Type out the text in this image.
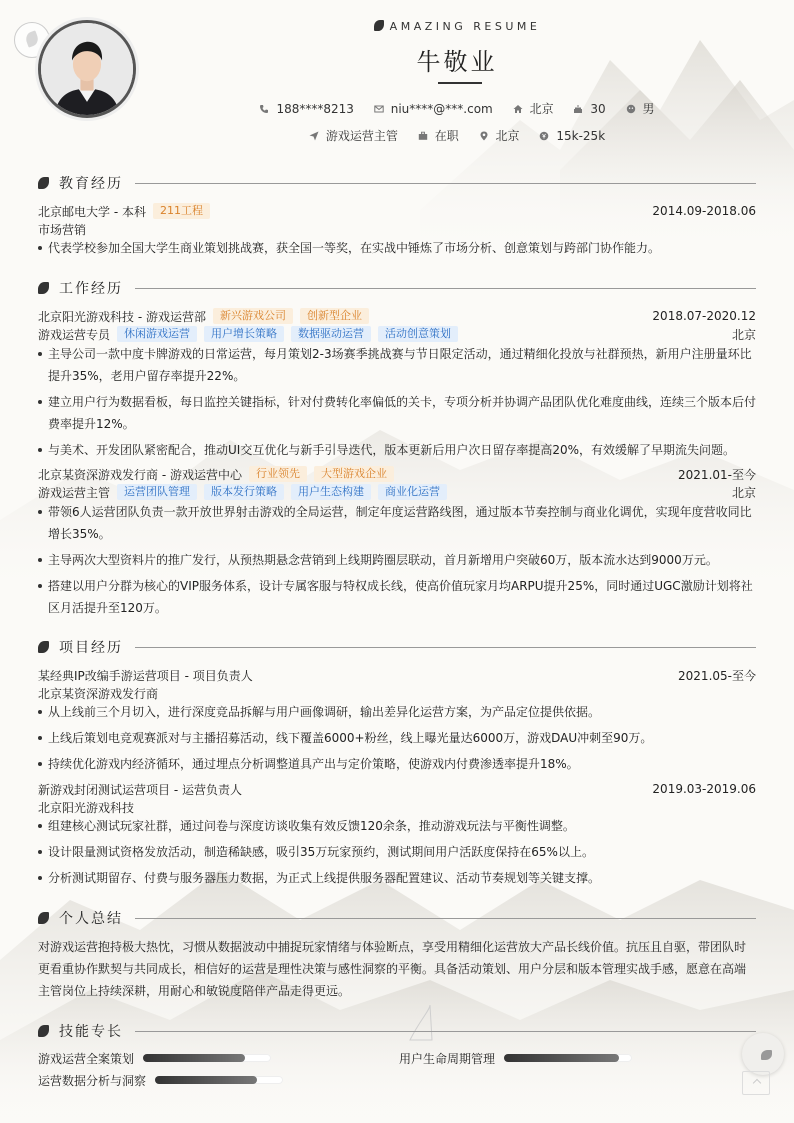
AMAZING RESUME
牛敬业
188****8213	niu****@***.com	北京	30	男
游戏运营主管	在职	北京	15k-25k
教育经历
北京邮电大学 - 本科	211工程	2014.09-2018.06
市场营销
代表学校参加全国大学生商业策划挑战赛，获全国一等奖，在实战中锤炼了市场分析、创意策划与跨部门协作能力。
工作经历
北京阳光游戏科技 - 游戏运营部	新兴游戏公司	创新型企业	2018.07-2020.12
游戏运营专员	休闲游戏运营	用户增长策略	数据驱动运营	活动创意策划	北京
主导公司一款中度卡牌游戏的日常运营，每月策划2-3场赛季挑战赛与节日限定活动，通过精细化投放与社群预热，新用户注册量环比提升35%，老用户留存率提升22%。
建立用户行为数据看板，每日监控关键指标，针对付费转化率偏低的关卡，专项分析并协调产品团队优化难度曲线，连续三个版本后付费率提升12%。
与美术、开发团队紧密配合，推动UI交互优化与新手引导迭代，版本更新后用户次日留存率提高20%，有效缓解了早期流失问题。
北京某资深游戏发行商 - 游戏运营中心	行业领先	大型游戏企业	2021.01-至今
游戏运营主管	运营团队管理	版本发行策略	用户生态构建	商业化运营	北京
带领6人运营团队负责一款开放世界射击游戏的全局运营，制定年度运营路线图，通过版本节奏控制与商业化调优，实现年度营收同比增长35%。
主导两次大型资料片的推广发行，从预热期悬念营销到上线期跨圈层联动，首月新增用户突破60万，版本流水达到9000万元。
搭建以用户分群为核心的VIP服务体系，设计专属客服与特权成长线，使高价值玩家月均ARPU提升25%，同时通过UGC激励计划将社区月活提升至120万。
项目经历
某经典IP改编手游运营项目 - 项目负责人	2021.05-至今
北京某资深游戏发行商
从上线前三个月切入，进行深度竞品拆解与用户画像调研，输出差异化运营方案，为产品定位提供依据。
上线后策划电竞观赛派对与主播招募活动，线下覆盖6000+粉丝，线上曝光量达6000万，游戏DAU冲刺至90万。
持续优化游戏内经济循环，通过埋点分析调整道具产出与定价策略，使游戏内付费渗透率提升18%。
新游戏封闭测试运营项目 - 运营负责人	2019.03-2019.06
北京阳光游戏科技
组建核心测试玩家社群，通过问卷与深度访谈收集有效反馈120余条，推动游戏玩法与平衡性调整。
设计限量测试资格发放活动，制造稀缺感，吸引35万玩家预约，测试期间用户活跃度保持在65%以上。
分析测试期留存、付费与服务器压力数据，为正式上线提供服务器配置建议、活动节奏规划等关键支撑。
个人总结
对游戏运营抱持极大热忱，习惯从数据波动中捕捉玩家情绪与体验断点，享受用精细化运营放大产品长线价值。抗压且自驱，带团队时更看重协作默契与共同成长，相信好的运营是理性决策与感性洞察的平衡。具备活动策划、用户分层和版本管理实战手感，愿意在高端主管岗位上持续深耕，用耐心和敏锐度陪伴产品走得更远。
技能专长
游戏运营全案策划	用户生命周期管理
运营数据分析与洞察
